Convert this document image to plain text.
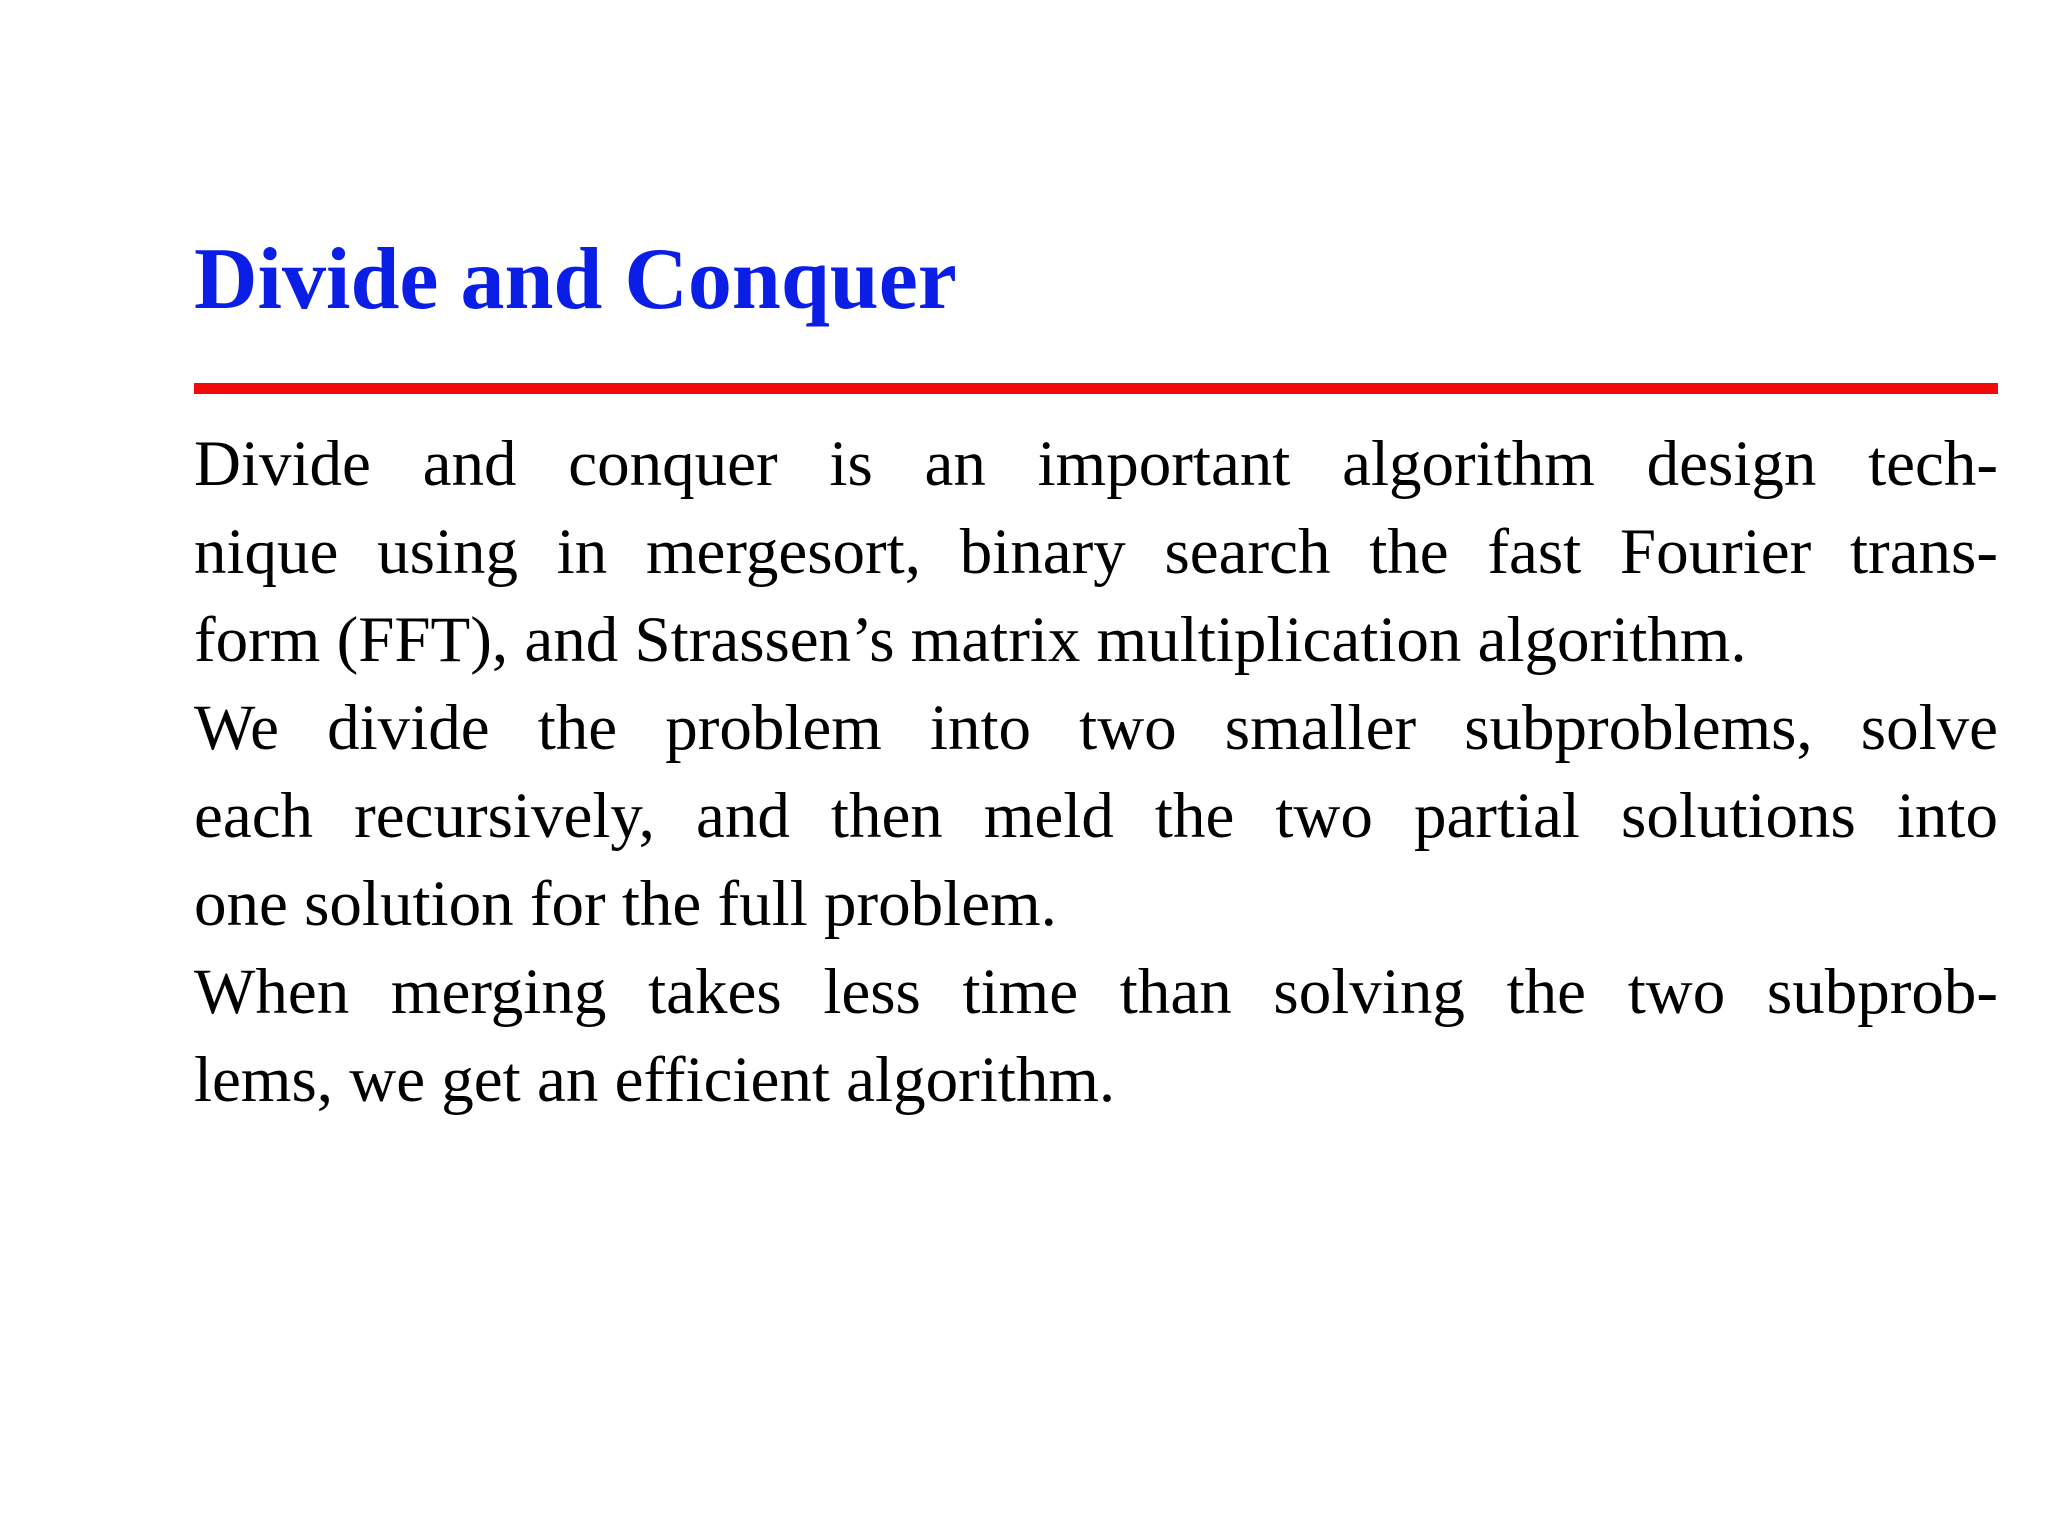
Divide and Conquer

Divide and conquer is an important algorithm design tech-
nique using in mergesort, binary search the fast Fourier trans-
form (FFT), and Strassen’s matrix multiplication algorithm.

We divide the problem into two smaller subproblems, solve
each recursively, and then meld the two partial solutions into
one solution for the full problem.

When merging takes less time than solving the two subprob-
lems, we get an efficient algorithm.
